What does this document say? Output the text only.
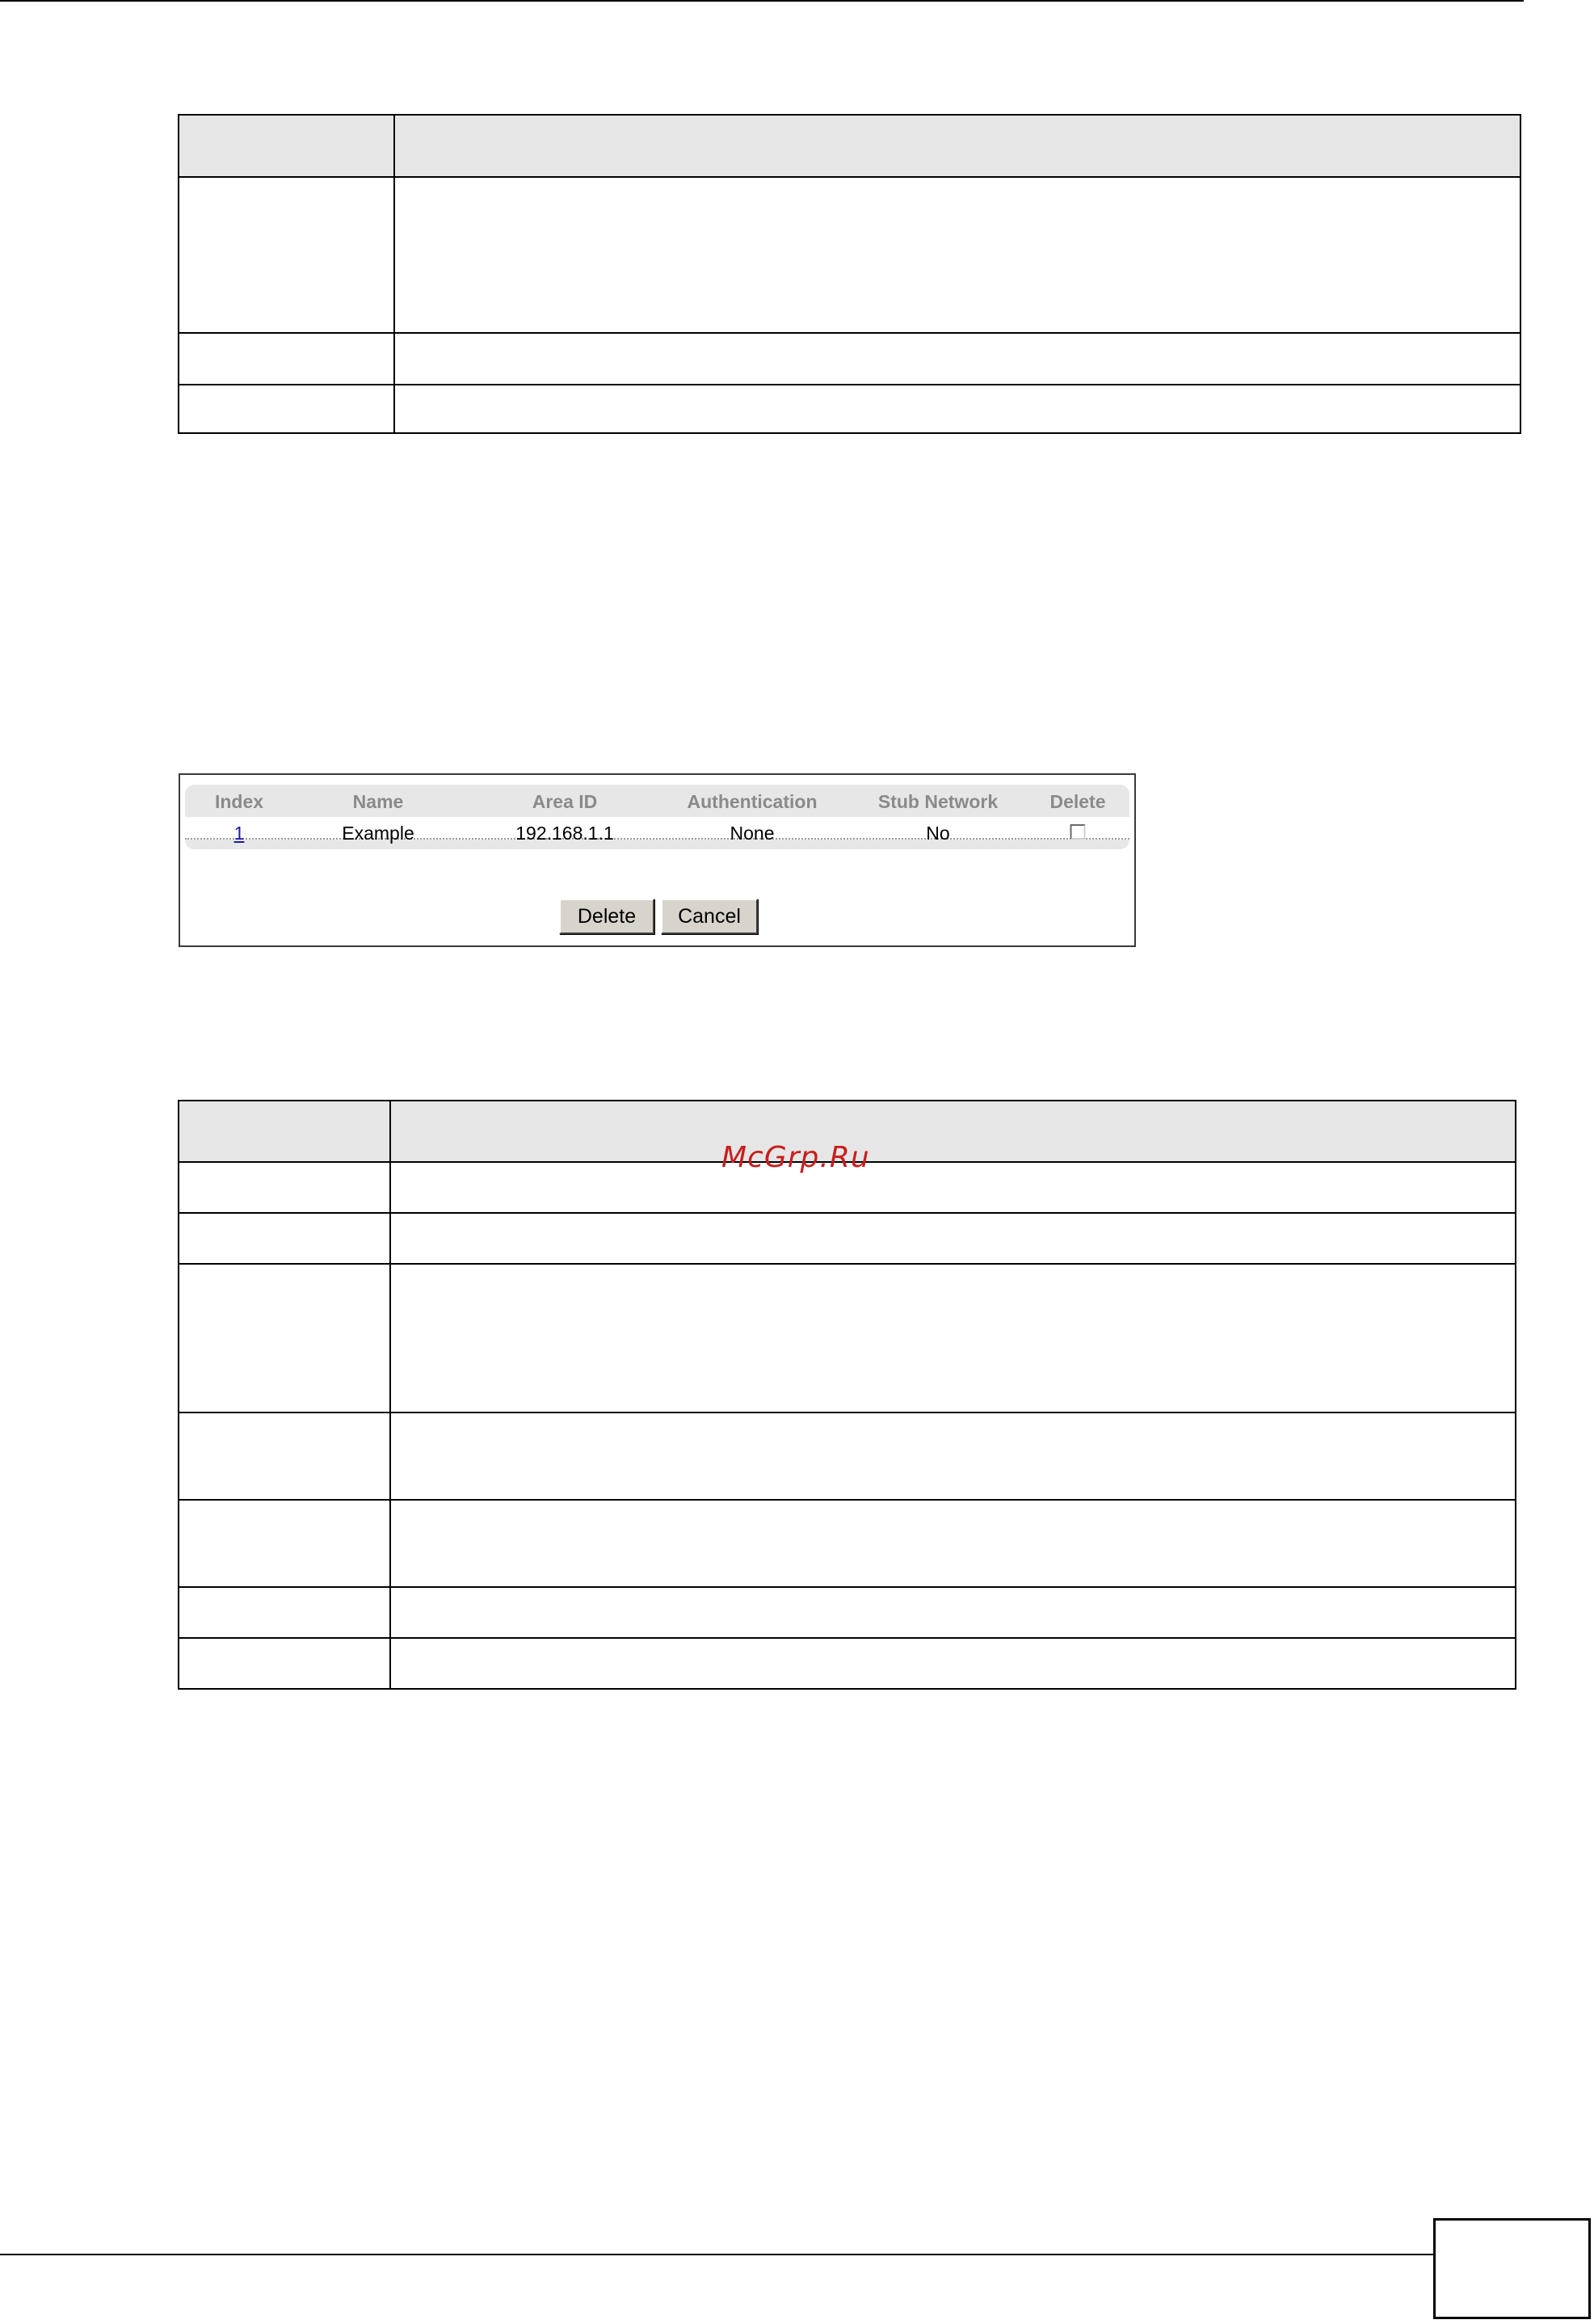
Index	Name	Area ID	Authentication	Stub Network	Delete
1	Example	192.168.1.1	None	No
Delete	Cancel

McGrp.Ru
